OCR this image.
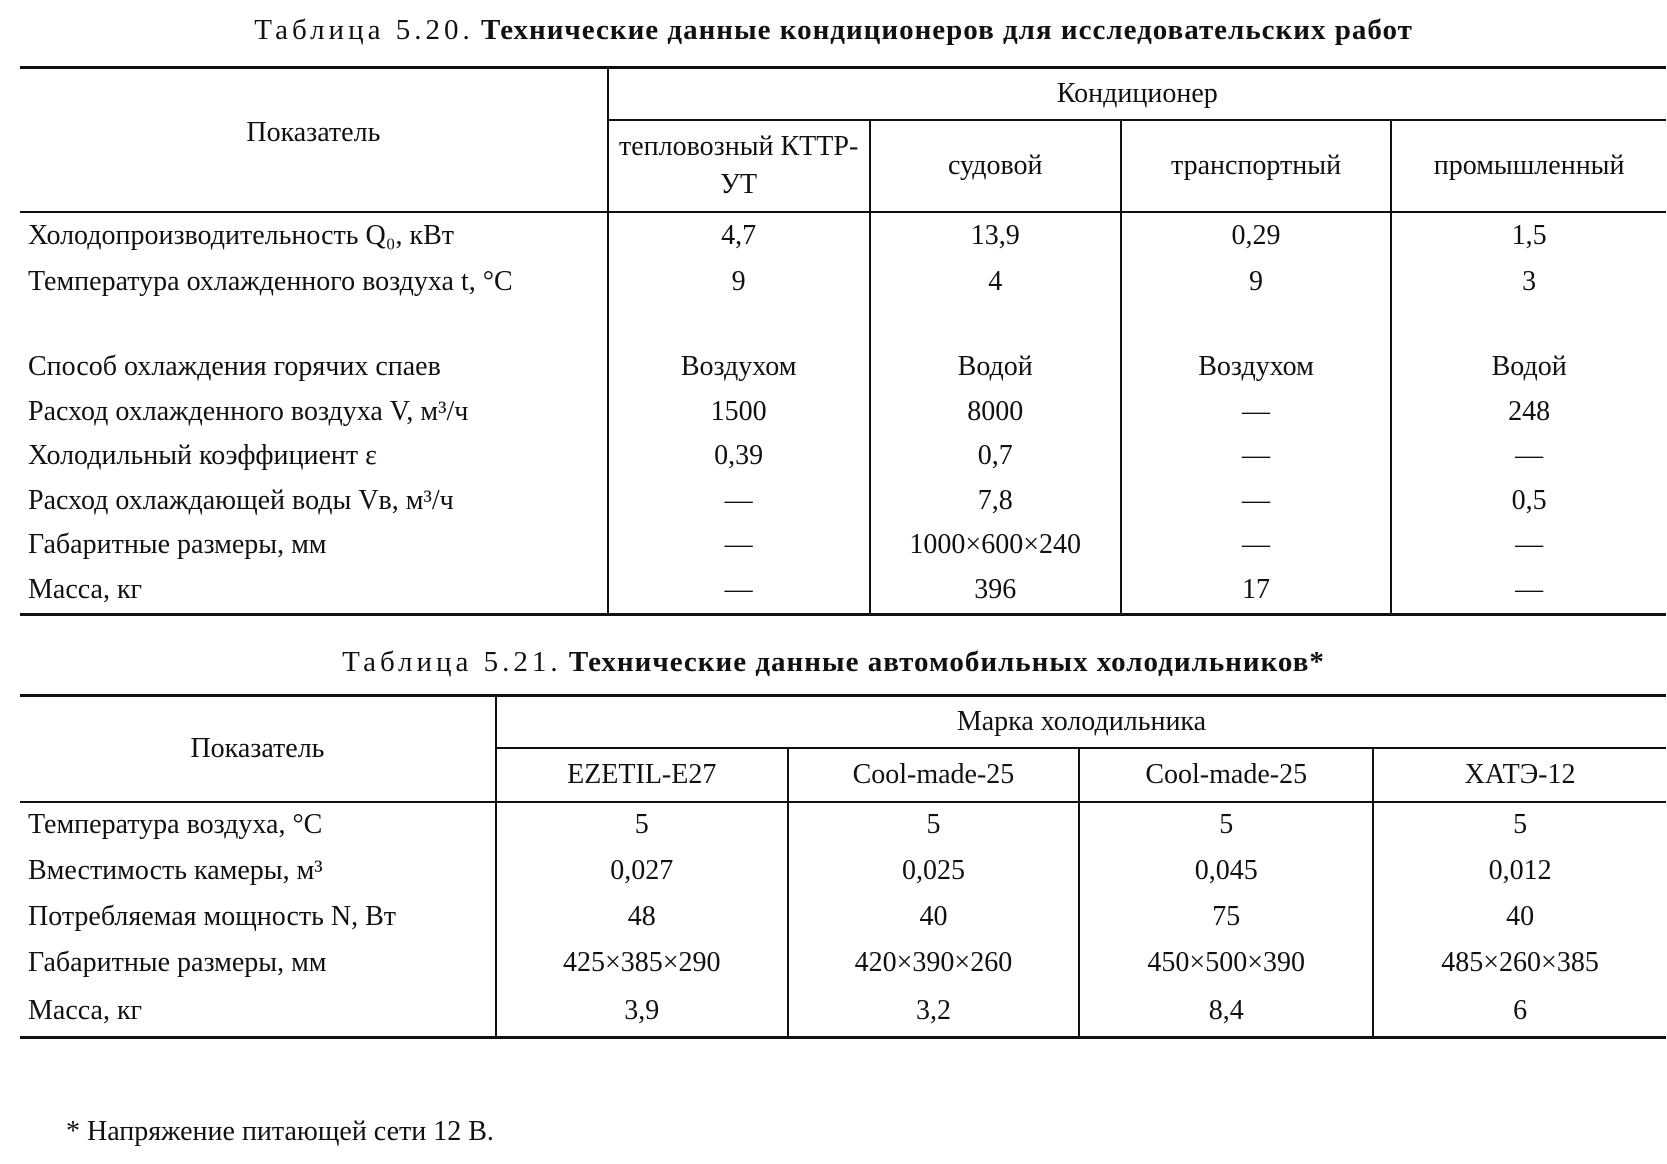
Таблица 5.20. Технические данные кондиционеров для исследовательских работ
Показатель	Кондиционер			
	тепловозный КТТР-УТ	судовой	транспортный	промышленный
Холодопроизводительность Q₀, кВт	4,7	13,9	0,29	1,5
Температура охлажденного воздуха t, °С	9	4	9	3
Способ охлаждения горячих спаев	Воздухом	Водой	Воздухом	Водой
Расход охлажденного воздуха V, м³/ч	1500	8000	—	248
Холодильный коэффициент ε	0,39	0,7	—	—
Расход охлаждающей воды Vв, м³/ч	—	7,8	—	0,5
Габаритные размеры, мм	—	1000×600×240	—	—
Масса, кг	—	396	17	—
Таблица 5.21. Технические данные автомобильных холодильников*
Показатель	Марка холодильника			
	EZETIL-E27	Cool-made-25	Cool-made-25	ХАТЭ-12
Температура воздуха, °С	5	5	5	5
Вместимость камеры, м³	0,027	0,025	0,045	0,012
Потребляемая мощность N, Вт	48	40	75	40
Габаритные размеры, мм	425×385×290	420×390×260	450×500×390	485×260×385
Масса, кг	3,9	3,2	8,4	6
* Напряжение питающей сети 12 В.
